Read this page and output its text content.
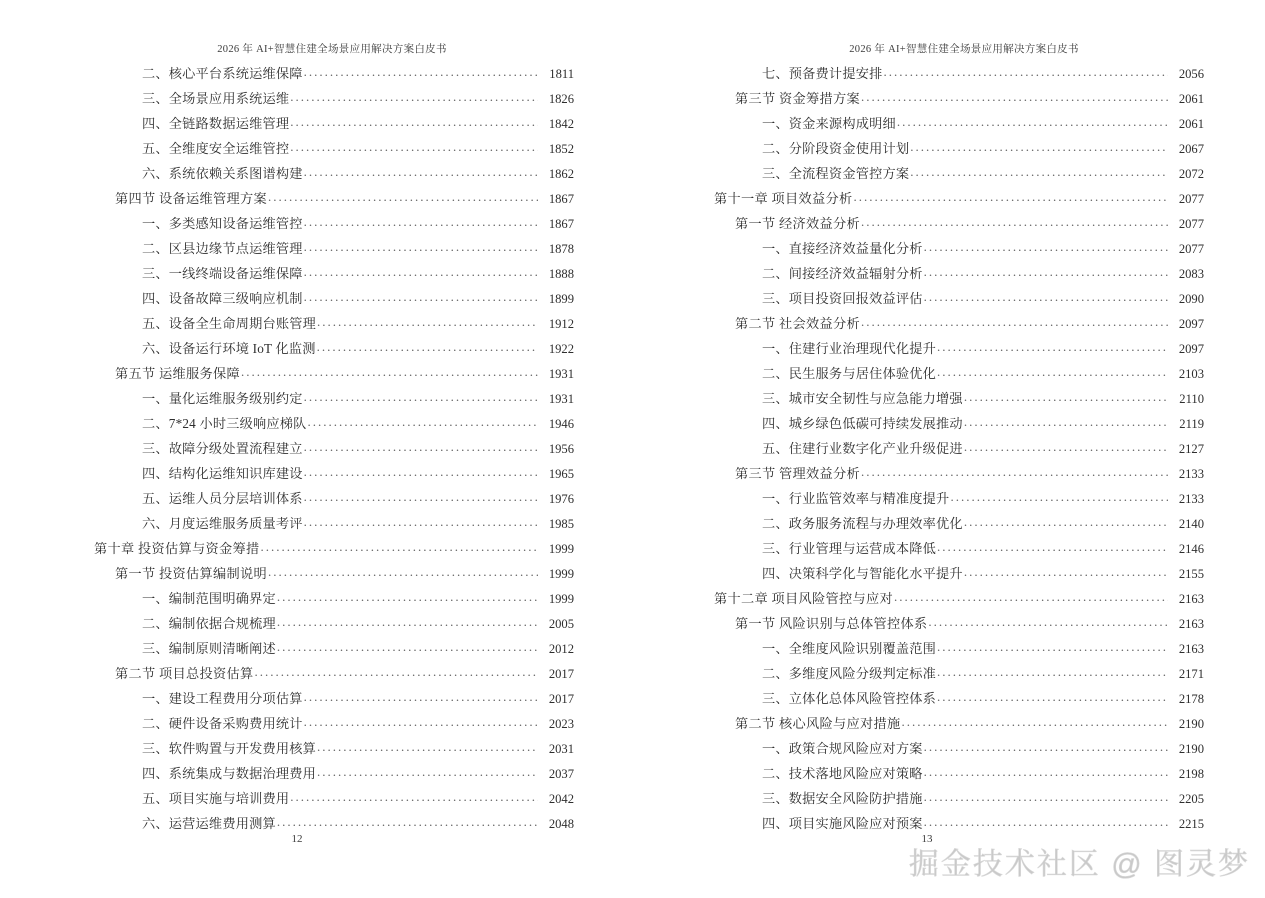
2026 年 AI+智慧住建全场景应用解决方案白皮书
二、核心平台系统运维保障 .....	1811
三、全场景应用系统运维 .....	1826
四、全链路数据运维管理 .....	1842
五、全维度安全运维管控 .....	1852
六、系统依赖关系图谱构建 .....	1862
第四节 设备运维管理方案 .....	1867
一、多类感知设备运维管控 .....	1867
二、区县边缘节点运维管理 .....	1878
三、一线终端设备运维保障 .....	1888
四、设备故障三级响应机制 .....	1899
五、设备全生命周期台账管理 .....	1912
六、设备运行环境 IoT 化监测 .....	1922
第五节 运维服务保障 .....	1931
一、量化运维服务级别约定 .....	1931
二、7*24 小时三级响应梯队 .....	1946
三、故障分级处置流程建立 .....	1956
四、结构化运维知识库建设 .....	1965
五、运维人员分层培训体系 .....	1976
六、月度运维服务质量考评 .....	1985
第十章 投资估算与资金筹措 .....	1999
第一节 投资估算编制说明 .....	1999
一、编制范围明确界定 .....	1999
二、编制依据合规梳理 .....	2005
三、编制原则清晰阐述 .....	2012
第二节 项目总投资估算 .....	2017
一、建设工程费用分项估算 .....	2017
二、硬件设备采购费用统计 .....	2023
三、软件购置与开发费用核算 .....	2031
四、系统集成与数据治理费用 .....	2037
五、项目实施与培训费用 .....	2042
六、运营运维费用测算 .....	2048
12
2026 年 AI+智慧住建全场景应用解决方案白皮书
七、预备费计提安排 .....	2056
第三节 资金筹措方案 .....	2061
一、资金来源构成明细 .....	2061
二、分阶段资金使用计划 .....	2067
三、全流程资金管控方案 .....	2072
第十一章 项目效益分析 .....	2077
第一节 经济效益分析 .....	2077
一、直接经济效益量化分析 .....	2077
二、间接经济效益辐射分析 .....	2083
三、项目投资回报效益评估 .....	2090
第二节 社会效益分析 .....	2097
一、住建行业治理现代化提升 .....	2097
二、民生服务与居住体验优化 .....	2103
三、城市安全韧性与应急能力增强 .....	2110
四、城乡绿色低碳可持续发展推动 .....	2119
五、住建行业数字化产业升级促进 .....	2127
第三节 管理效益分析 .....	2133
一、行业监管效率与精准度提升 .....	2133
二、政务服务流程与办理效率优化 .....	2140
三、行业管理与运营成本降低 .....	2146
四、决策科学化与智能化水平提升 .....	2155
第十二章 项目风险管控与应对 .....	2163
第一节 风险识别与总体管控体系 .....	2163
一、全维度风险识别覆盖范围 .....	2163
二、多维度风险分级判定标准 .....	2171
三、立体化总体风险管控体系 .....	2178
第二节 核心风险与应对措施 .....	2190
一、政策合规风险应对方案 .....	2190
二、技术落地风险应对策略 .....	2198
三、数据安全风险防护措施 .....	2205
四、项目实施风险应对预案 .....	2215
13
掘金技术社区 @ 图灵梦
